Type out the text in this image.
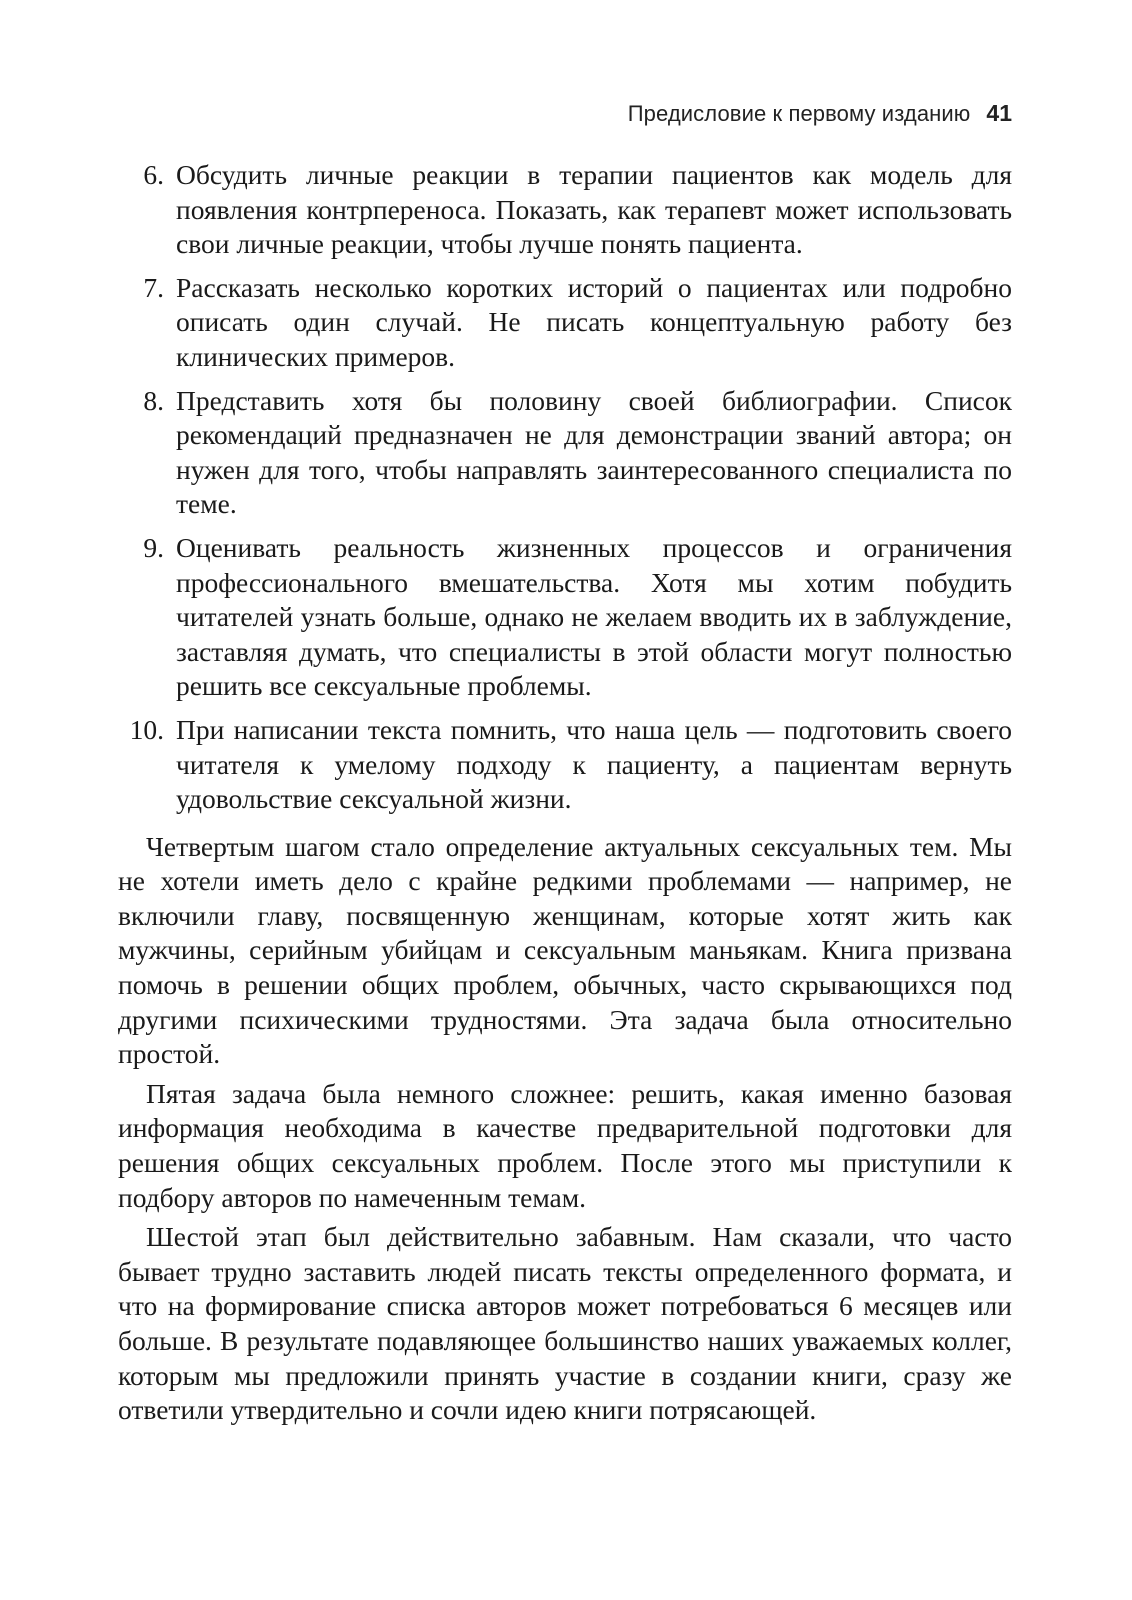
Предисловие к первому изданию 41
6. Обсудить личные реакции в терапии пациентов как модель для появления контрпереноса. Показать, как терапевт может использовать свои личные реакции, чтобы лучше понять пациента.
7. Рассказать несколько коротких историй о пациентах или подробно описать один случай. Не писать концептуальную работу без клинических примеров.
8. Представить хотя бы половину своей библиографии. Список рекомендаций предназначен не для демонстрации званий автора; он нужен для того, чтобы направлять заинтересованного специалиста по теме.
9. Оценивать реальность жизненных процессов и ограничения профессионального вмешательства. Хотя мы хотим побудить читателей узнать больше, однако не желаем вводить их в заблуждение, заставляя думать, что специалисты в этой области могут полностью решить все сексуальные проблемы.
10. При написании текста помнить, что наша цель — подготовить своего читателя к умелому подходу к пациенту, а пациентам вернуть удовольствие сексуальной жизни.

Четвертым шагом стало определение актуальных сексуальных тем. Мы не хотели иметь дело с крайне редкими проблемами — например, не включили главу, посвященную женщинам, которые хотят жить как мужчины, серийным убийцам и сексуальным маньякам. Книга призвана помочь в решении общих проблем, обычных, часто скрывающихся под другими психическими трудностями. Эта задача была относительно простой.

Пятая задача была немного сложнее: решить, какая именно базовая информация необходима в качестве предварительной подготовки для решения общих сексуальных проблем. После этого мы приступили к подбору авторов по намеченным темам.

Шестой этап был действительно забавным. Нам сказали, что часто бывает трудно заставить людей писать тексты определенного формата, и что на формирование списка авторов может потребоваться 6 месяцев или больше. В результате подавляющее большинство наших уважаемых коллег, которым мы предложили принять участие в создании книги, сразу же ответили утвердительно и сочли идею книги потрясающей.
